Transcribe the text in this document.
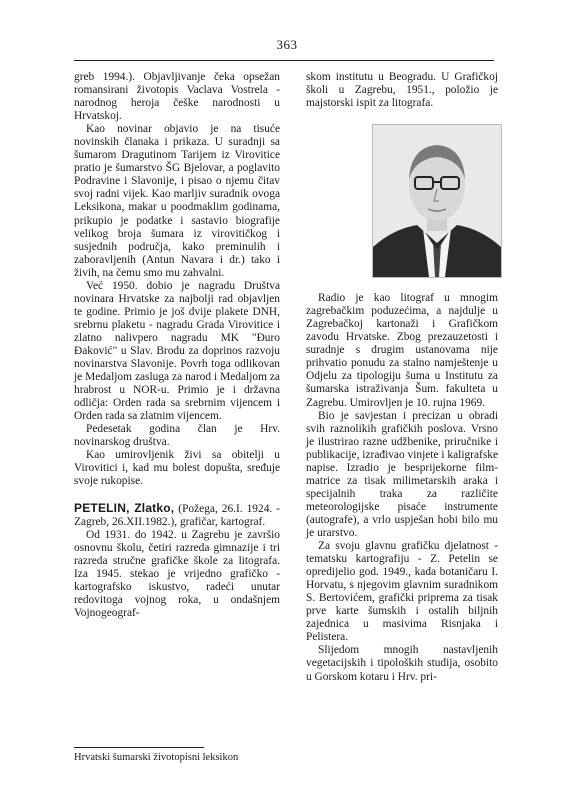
363

greb 1994.). Objavljivanje čeka opsežan romansirani životopis Vaclava Vostrela - narodnog heroja češke narodnosti u Hrvatskoj.

Kao novinar objavio je na tisuće novinskih članaka i prikaza. U suradnji sa šumarom Dragutinom Tarijem iz Virovitice pratio je šumarstvo ŠG Bjelovar, a poglavito Podravine i Slavonije, i pisao o njemu čitav svoj radni vijek. Kao marljiv suradnik ovoga Leksikona, makar u poodmaklim godinama, prikupio je podatke i sastavio biografije velikog broja šumara iz virovitičkog i susjednih područja, kako preminulih i zaboravljenih (Antun Navara i dr.) tako i živih, na čemu smo mu zahvalni.

Već 1950. dobio je nagradu Društva novinara Hrvatske za najbolji rad objavljen te godine. Primio je još dvije plakete DNH, srebrnu plaketu - nagradu Grada Virovitice i zlatno nalivpero nagradu MK "Đuro Đaković" u Slav. Brodu za doprinos razvoju novinarstva Slavonije. Povrh toga odlikovan je Medaljom zasluga za narod i Medaljom za hrabrost u NOR-u. Primio je i državna odličja: Orden rada sa srebrnim vijencem i Orden rada sa zlatnim vijencem.

Pedesetak godina član je Hrv. novinarskog društva.

Kao umirovljenik živi sa obitelji u Virovitici i, kad mu bolest dopušta, sređuje svoje rukopise.

PETELIN, Zlatko, (Požega, 26.I. 1924. - Zagreb, 26.XII.1982.), grafičar, kartograf.

Od 1931. do 1942. u Zagrebu je završio osnovnu školu, četiri razreda gimnazije i tri razreda stručne grafičke škole za litografa. Iza 1945. stekao je vrijedno grafičko - kartografsko iskustvo, radeći unutar redovitoga vojnog roka, u ondašnjem Vojnogeograf-

skom institutu u Beogradu. U Grafičkoj školi u Zagrebu, 1951., položio je majstorski ispit za litografa.

Radio je kao litograf u mnogim zagrebačkim poduzećima, a najdulje u Zagrebačkoj kartonaži i Grafičkom zavodu Hrvatske. Zbog prezauzetosti i suradnje s drugim ustanovama nije prihvatio ponudu za stalno namještenje u Odjelu za tipologiju šuma u Institutu za šumarska istraživanja Šum. fakulteta u Zagrebu. Umirovljen je 10. rujna 1969.

Bio je savjestan i precizan u obradi svih raznolikih grafičkih poslova. Vrsno je ilustrirao razne udžbenike, priručnike i publikacije, izrađivao vinjete i kaligrafske napise. Izradio je besprijekorne film-matrice za tisak milimetarskih araka i specijalnih traka za različite meteorologijske pisaće instrumente (autografe), a vrlo uspješan hobi bilo mu je urarstvo.

Za svoju glavnu grafičku djelatnost - tematsku kartografiju - Z. Petelin se opredijelio god. 1949., kada botaničaru I. Horvatu, s njegovim glavnim suradnikom S. Bertovićem, grafički priprema za tisak prve karte šumskih i ostalih biljnih zajednica u masivima Risnjaka i Pelistera.

Slijedom mnogih nastavljenih vegetacijskih i tipoloških studija, osobito u Gorskom kotaru i Hrv. pri-

Hrvatski šumarski životopisni leksikon
